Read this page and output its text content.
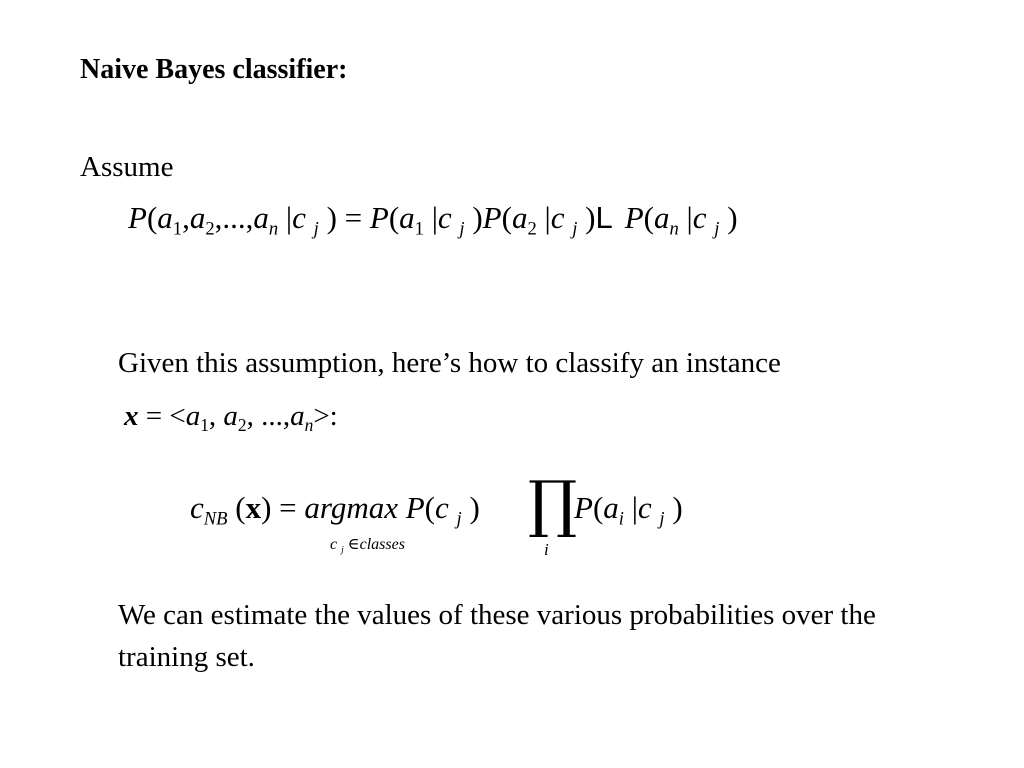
Naive Bayes classifier:
Assume
$P(a_1,a_2,...,a_n$ |c $_j$ ) = $P(a_1$ |c $_j$ )$P(a_2$ |c $_j$ )L $P(a_n$ |c $_j$ )
Given this assumption, here’s how to classify an instance
$x = <a_1$, $a_2$, $...,a_n>$:
$c_{NB}$ (x) = argmax P(c $_j$ )
c $_j$ ∈classes
∏
i
$P(a_i$ |c $_j$ )
We can estimate the values of these various probabilities over the training set.
